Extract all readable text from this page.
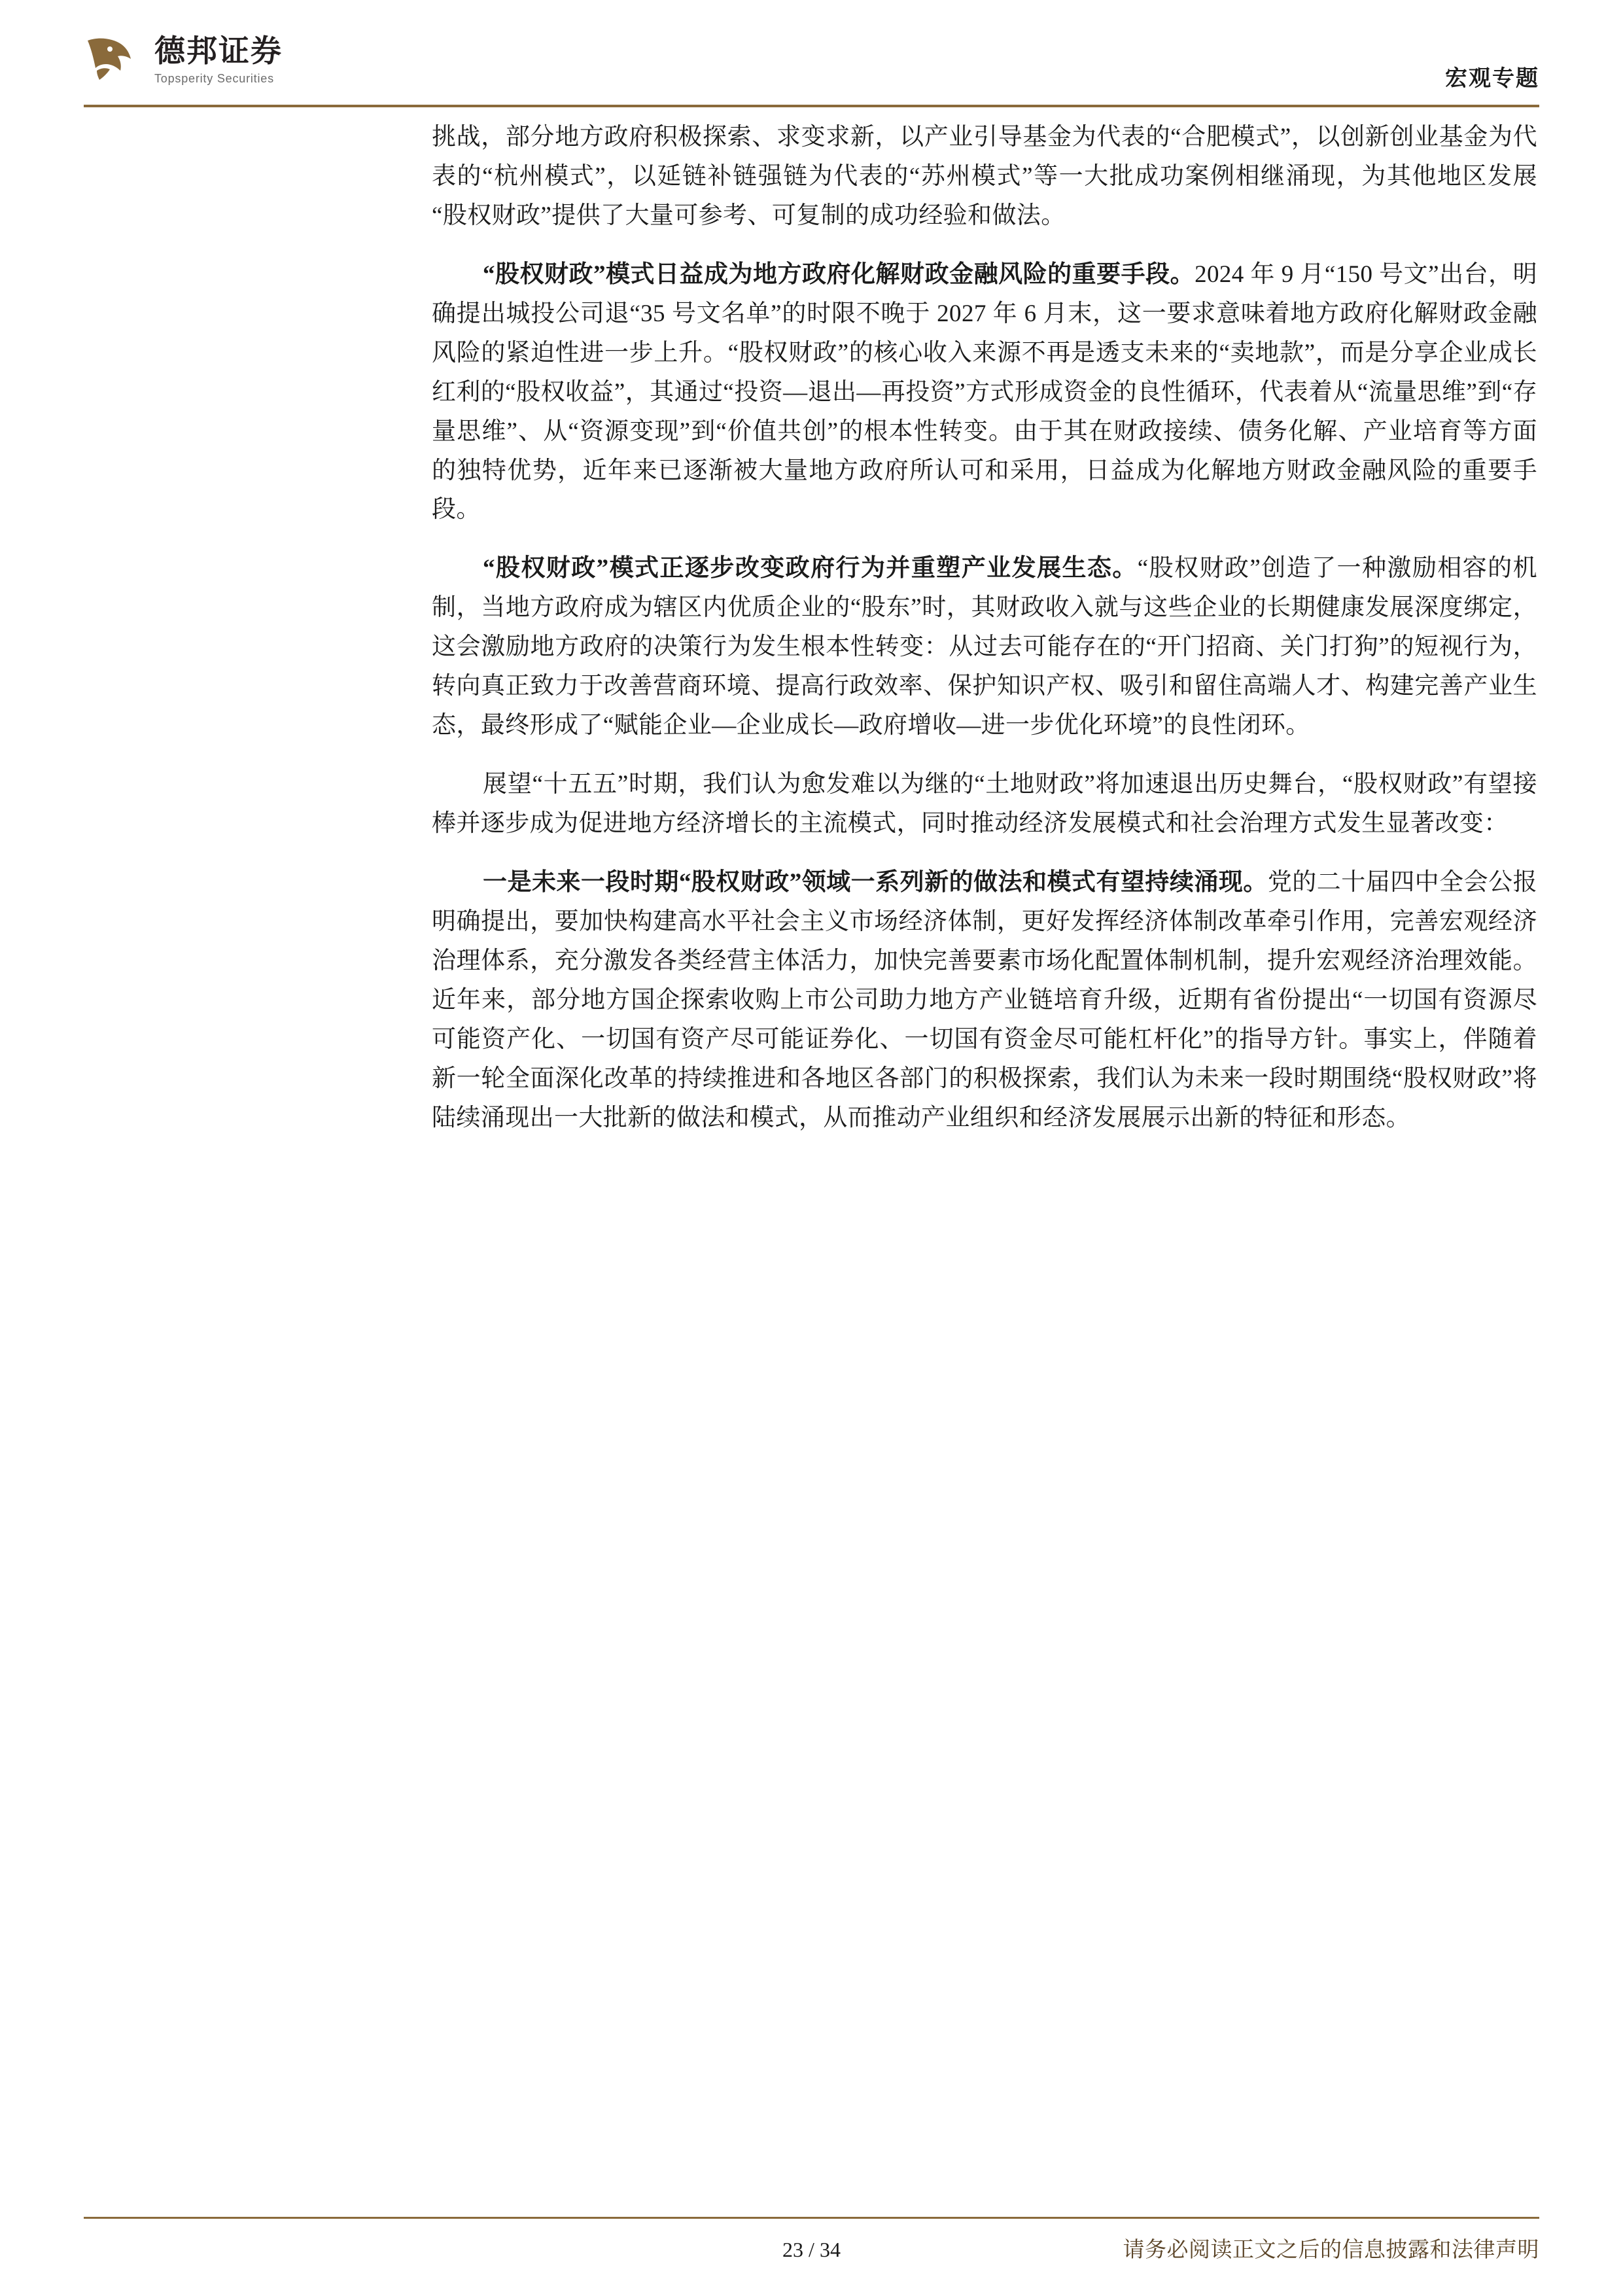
德邦证券
Topsperity Securities	宏观专题

挑战，部分地方政府积极探索、求变求新，以产业引导基金为代表的“合肥模式”，以创新创业基金为代表的“杭州模式”，以延链补链强链为代表的“苏州模式”等一大批成功案例相继涌现，为其他地区发展“股权财政”提供了大量可参考、可复制的成功经验和做法。

“股权财政”模式日益成为地方政府化解财政金融风险的重要手段。2024 年 9 月“150 号文”出台，明确提出城投公司退“35 号文名单”的时限不晚于 2027 年 6 月末，这一要求意味着地方政府化解财政金融风险的紧迫性进一步上升。“股权财政”的核心收入来源不再是透支未来的“卖地款”，而是分享企业成长红利的“股权收益”，其通过“投资—退出—再投资”方式形成资金的良性循环，代表着从“流量思维”到“存量思维”、从“资源变现”到“价值共创”的根本性转变。由于其在财政接续、债务化解、产业培育等方面的独特优势，近年来已逐渐被大量地方政府所认可和采用，日益成为化解地方财政金融风险的重要手段。

“股权财政”模式正逐步改变政府行为并重塑产业发展生态。“股权财政”创造了一种激励相容的机制，当地方政府成为辖区内优质企业的“股东”时，其财政收入就与这些企业的长期健康发展深度绑定，这会激励地方政府的决策行为发生根本性转变：从过去可能存在的“开门招商、关门打狗”的短视行为，转向真正致力于改善营商环境、提高行政效率、保护知识产权、吸引和留住高端人才、构建完善产业生态，最终形成了“赋能企业—企业成长—政府增收—进一步优化环境”的良性闭环。

展望“十五五”时期，我们认为愈发难以为继的“土地财政”将加速退出历史舞台，“股权财政”有望接棒并逐步成为促进地方经济增长的主流模式，同时推动经济发展模式和社会治理方式发生显著改变：

一是未来一段时期“股权财政”领域一系列新的做法和模式有望持续涌现。党的二十届四中全会公报明确提出，要加快构建高水平社会主义市场经济体制，更好发挥经济体制改革牵引作用，完善宏观经济治理体系，充分激发各类经营主体活力，加快完善要素市场化配置体制机制，提升宏观经济治理效能。近年来，部分地方国企探索收购上市公司助力地方产业链培育升级，近期有省份提出“一切国有资源尽可能资产化、一切国有资产尽可能证券化、一切国有资金尽可能杠杆化”的指导方针。事实上，伴随着新一轮全面深化改革的持续推进和各地区各部门的积极探索，我们认为未来一段时期围绕“股权财政”将陆续涌现出一大批新的做法和模式，从而推动产业组织和经济发展展示出新的特征和形态。

23 / 34	请务必阅读正文之后的信息披露和法律声明
